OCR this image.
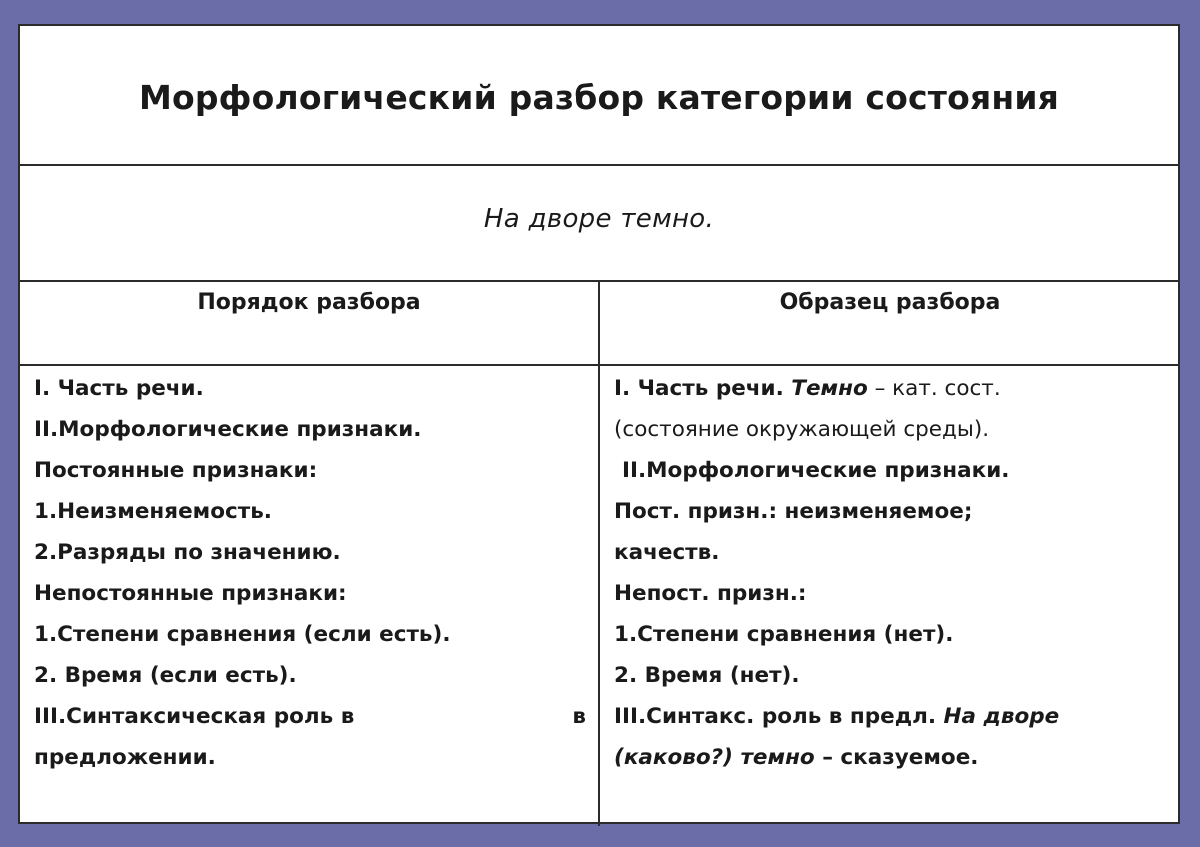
Морфологический разбор категории состояния
На дворе темно.
Порядок разбора	Образец разбора
I. Часть речи.
II.Морфологические признаки.
Постоянные признаки:
1.Неизменяемость.
2.Разряды по значению.
Непостоянные признаки:
1.Степени сравнения (если есть).
2. Время (если есть).
III.Синтаксическая роль в	в
предложении.
I. Часть речи. Темно – кат. сост.
(состояние окружающей среды).
II.Морфологические признаки.
Пост. призн.: неизменяемое;
качеств.
Непост. призн.:
1.Степени сравнения (нет).
2. Время (нет).
III.Синтакс. роль в предл. На дворе
(каково?) темно – сказуемое.
